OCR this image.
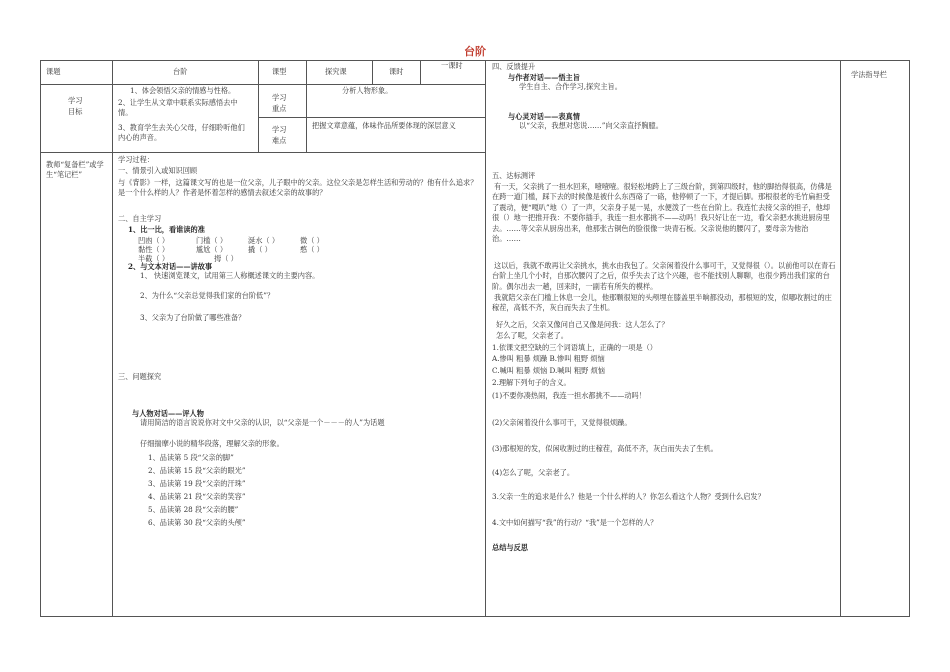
台阶
课题	台阶	课型	探究课	课时
一课时
学习
目标
1、体会领悟父亲的情感与性格。
2、让学生从文章中联系实际感悟去中情。
3、教育学生去关心父母，仔细聆听他们内心的声音。
学习
重点
分析人物形象。
学习
难点
把握文章意蕴，体味作品所要体现的深层意义
教师“复备栏”或学生“笔记栏”
学习过程：
一、情景引入或知识回顾
与《背影》一样，这篇课文写的也是一位父亲，儿子眼中的父亲。这位父亲是怎样生活和劳动的？他有什么追求？是一个什么样的人？作者是怀着怎样的感情去叙述父亲的故事的？
二、自主学习
1、比一比，看谁读的准
凹凼（ ）	门槛（ ）	涎水（ ）	微（ ）
黏性（ ）	尴尬（ ）	撬（ ）	憨（ ）
半截（ ）	拇（ ）
2、与文本对话——讲故事
1、 快速浏览课文，试用第三人称概述课文的主要内容。
2、为什么“父亲总觉得我们家的台阶低”？
3、父亲为了台阶做了哪些准备？
三、问题探究
与人物对话——评人物
请用简洁的语言说说你对文中父亲的认识，以“父亲是一个－－－的人”为话题
仔细揣摩小说的精华段落，理解父亲的形象。
1、品读第 5 段“父亲的脚”
2、品读第 15 段“父亲的眼光”
3、品读第 19 段“父亲的汗珠”
4、品读第 21 段“父亲的笑容”
5、品读第 28 段“父亲的腰”
6、品读第 30 段“父亲的头颅”
四、反馈提升
与作者对话——悟主旨
学生自主、合作学习,探究主旨。
与心灵对话——表真情
以“父亲，我想对您说……”向父亲直抒胸臆。
五、达标测评
有一天，父亲挑了一担水回来，噎噎噎。很轻松地跨上了三级台阶，到第四级时，他的脚抬得很高，仿佛是在跨一道门槛，踩下去的时候像是被什么东西硌了一硌，他停顿了一下，才提后脚。那根很老的毛竹扁担受了震动，便“嘎叭”地（）了一声，父亲身子晃一晃，水便泼了一些在台阶上。我连忙去接父亲的担子，他却很（）地一把推开我：不要你插手，我连一担水都挑不——动吗！我只好让在一边，看父亲把水挑进厨房里去。……等父亲从厨房出来，他那张古铜色的脸很像一块青石板。父亲说他的腰闪了，要母亲为他治治。……
这以后，我就不敢再让父亲挑水，挑水由我包了。父亲闲着没什么事可干，又觉得很（）。以前他可以在青石台阶上坐几个小时，自那次腰闪了之后，似乎失去了这个兴趣，也不能找别人聊聊，也很少跨出我们家的台阶。偶尔出去一趟，回来时，一副若有所失的模样。
我就陪父亲在门槛上休息一会儿，他那颗很短的头颅埋在膝盖里半晌都没动，那根短的发，似哪收割过的庄稼茬，高低不齐，灰白而失去了生机。
好久之后，父亲又像问自己又像是问我：这人怎么了？
怎么了呢，父亲老了。
1.依课文把空缺的三个词语填上，正确的一项是（）
A.惨叫 粗暴 烦躁 B.惨叫 粗野 烦恼
C.喊叫 粗暴 烦恼 D.喊叫 粗野 烦恼
2.理解下列句子的含义。
(1)不要你凑热闹，我连一担水都挑不——动吗！
(2)父亲闲着没什么事可干，又觉得很烦躁。
(3)那根短的发，似闲收割过的庄稼茬，高低不齐，灰白而失去了生机。
(4)怎么了呢，父亲老了。
3.父亲一生的追求是什么？他是一个什么样的人？你怎么看这个人物？受到什么启发？
4.文中如何描写“我”的行动？“我”是一个怎样的人？
总结与反思
学法指导栏
